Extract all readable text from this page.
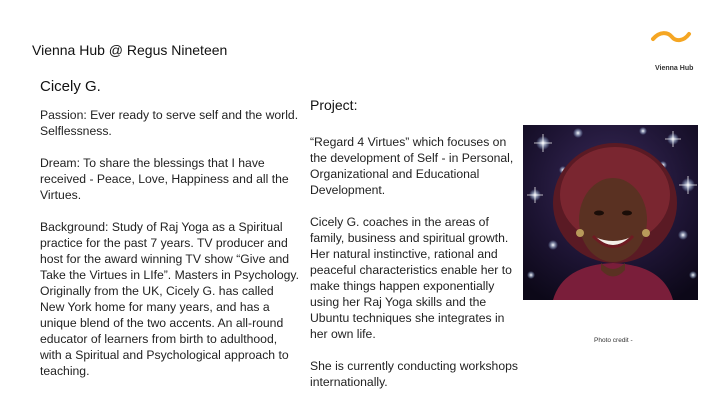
Vienna Hub @ Regus Nineteen
Vienna Hub
Cicely G.

Passion: Ever ready to serve self and the world. Selflessness.

Dream: To share the blessings that I have received - Peace, Love, Happiness and all the Virtues.

Background: Study of Raj Yoga as a Spiritual practice for the past 7 years. TV producer and host for the award winning TV show “Give and Take the Virtues in LIfe”. Masters in Psychology. Originally from the UK, Cicely G. has called New York home for many years, and has a unique blend of the two accents. An all-round educator of learners from birth to adulthood, with a Spiritual and Psychological approach to teaching.

Project:

“Regard 4 Virtues” which focuses on the development of Self - in Personal, Organizational and Educational Development.

Cicely G. coaches in the areas of family, business and spiritual growth. Her natural instinctive, rational and peaceful characteristics enable her to make things happen exponentially using her Raj Yoga skills and the Ubuntu techniques she integrates in her own life.

She is currently conducting workshops internationally.

Photo credit -
